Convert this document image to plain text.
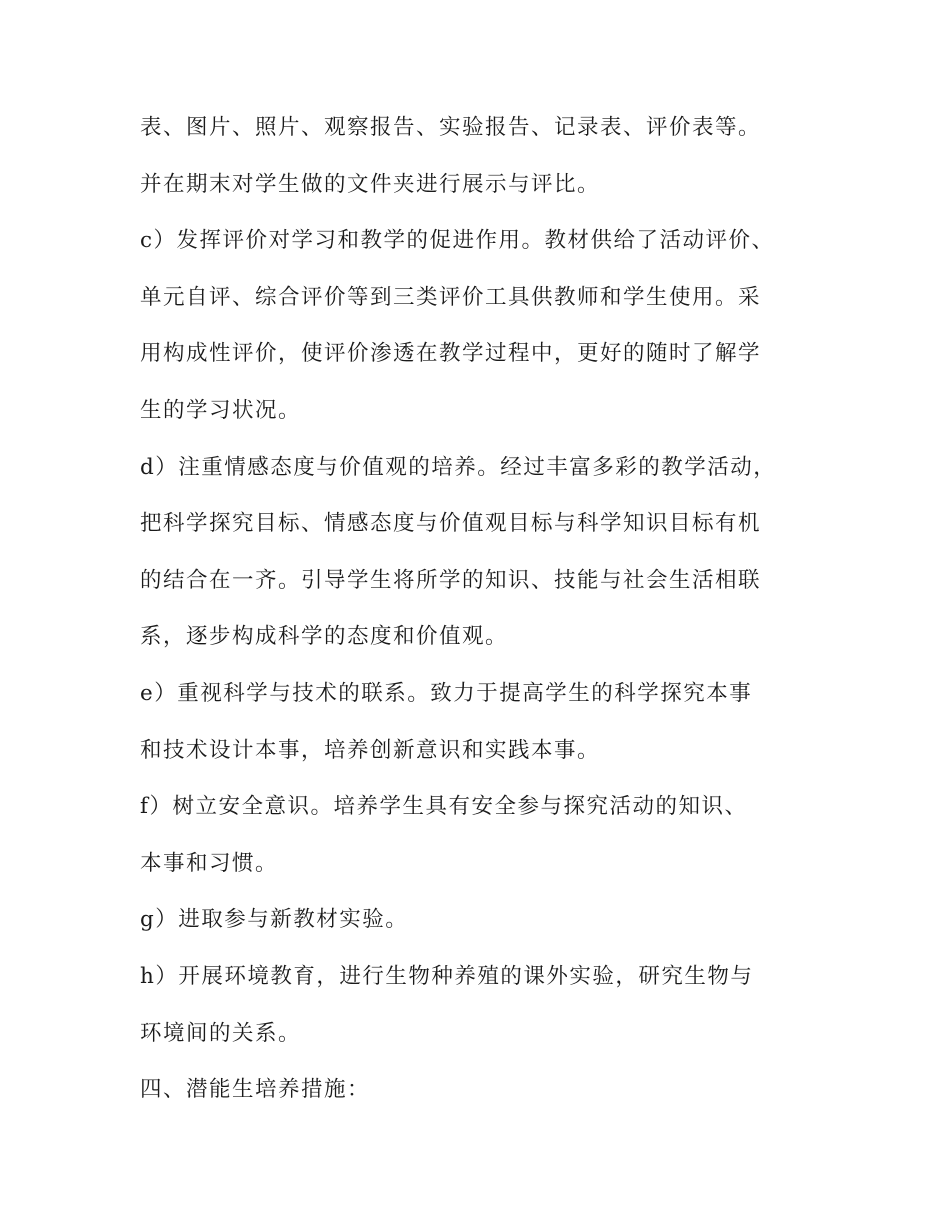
表、图片、照片、观察报告、实验报告、记录表、评价表等。
并在期末对学生做的文件夹进行展示与评比。
c）发挥评价对学习和教学的促进作用。教材供给了活动评价、
单元自评、综合评价等到三类评价工具供教师和学生使用。采
用构成性评价，使评价渗透在教学过程中，更好的随时了解学
生的学习状况。
d）注重情感态度与价值观的培养。经过丰富多彩的教学活动，
把科学探究目标、情感态度与价值观目标与科学知识目标有机
的结合在一齐。引导学生将所学的知识、技能与社会生活相联
系，逐步构成科学的态度和价值观。
e）重视科学与技术的联系。致力于提高学生的科学探究本事
和技术设计本事，培养创新意识和实践本事。
f）树立安全意识。培养学生具有安全参与探究活动的知识、
本事和习惯。
g）进取参与新教材实验。
h）开展环境教育，进行生物种养殖的课外实验，研究生物与
环境间的关系。
四、潜能生培养措施：
